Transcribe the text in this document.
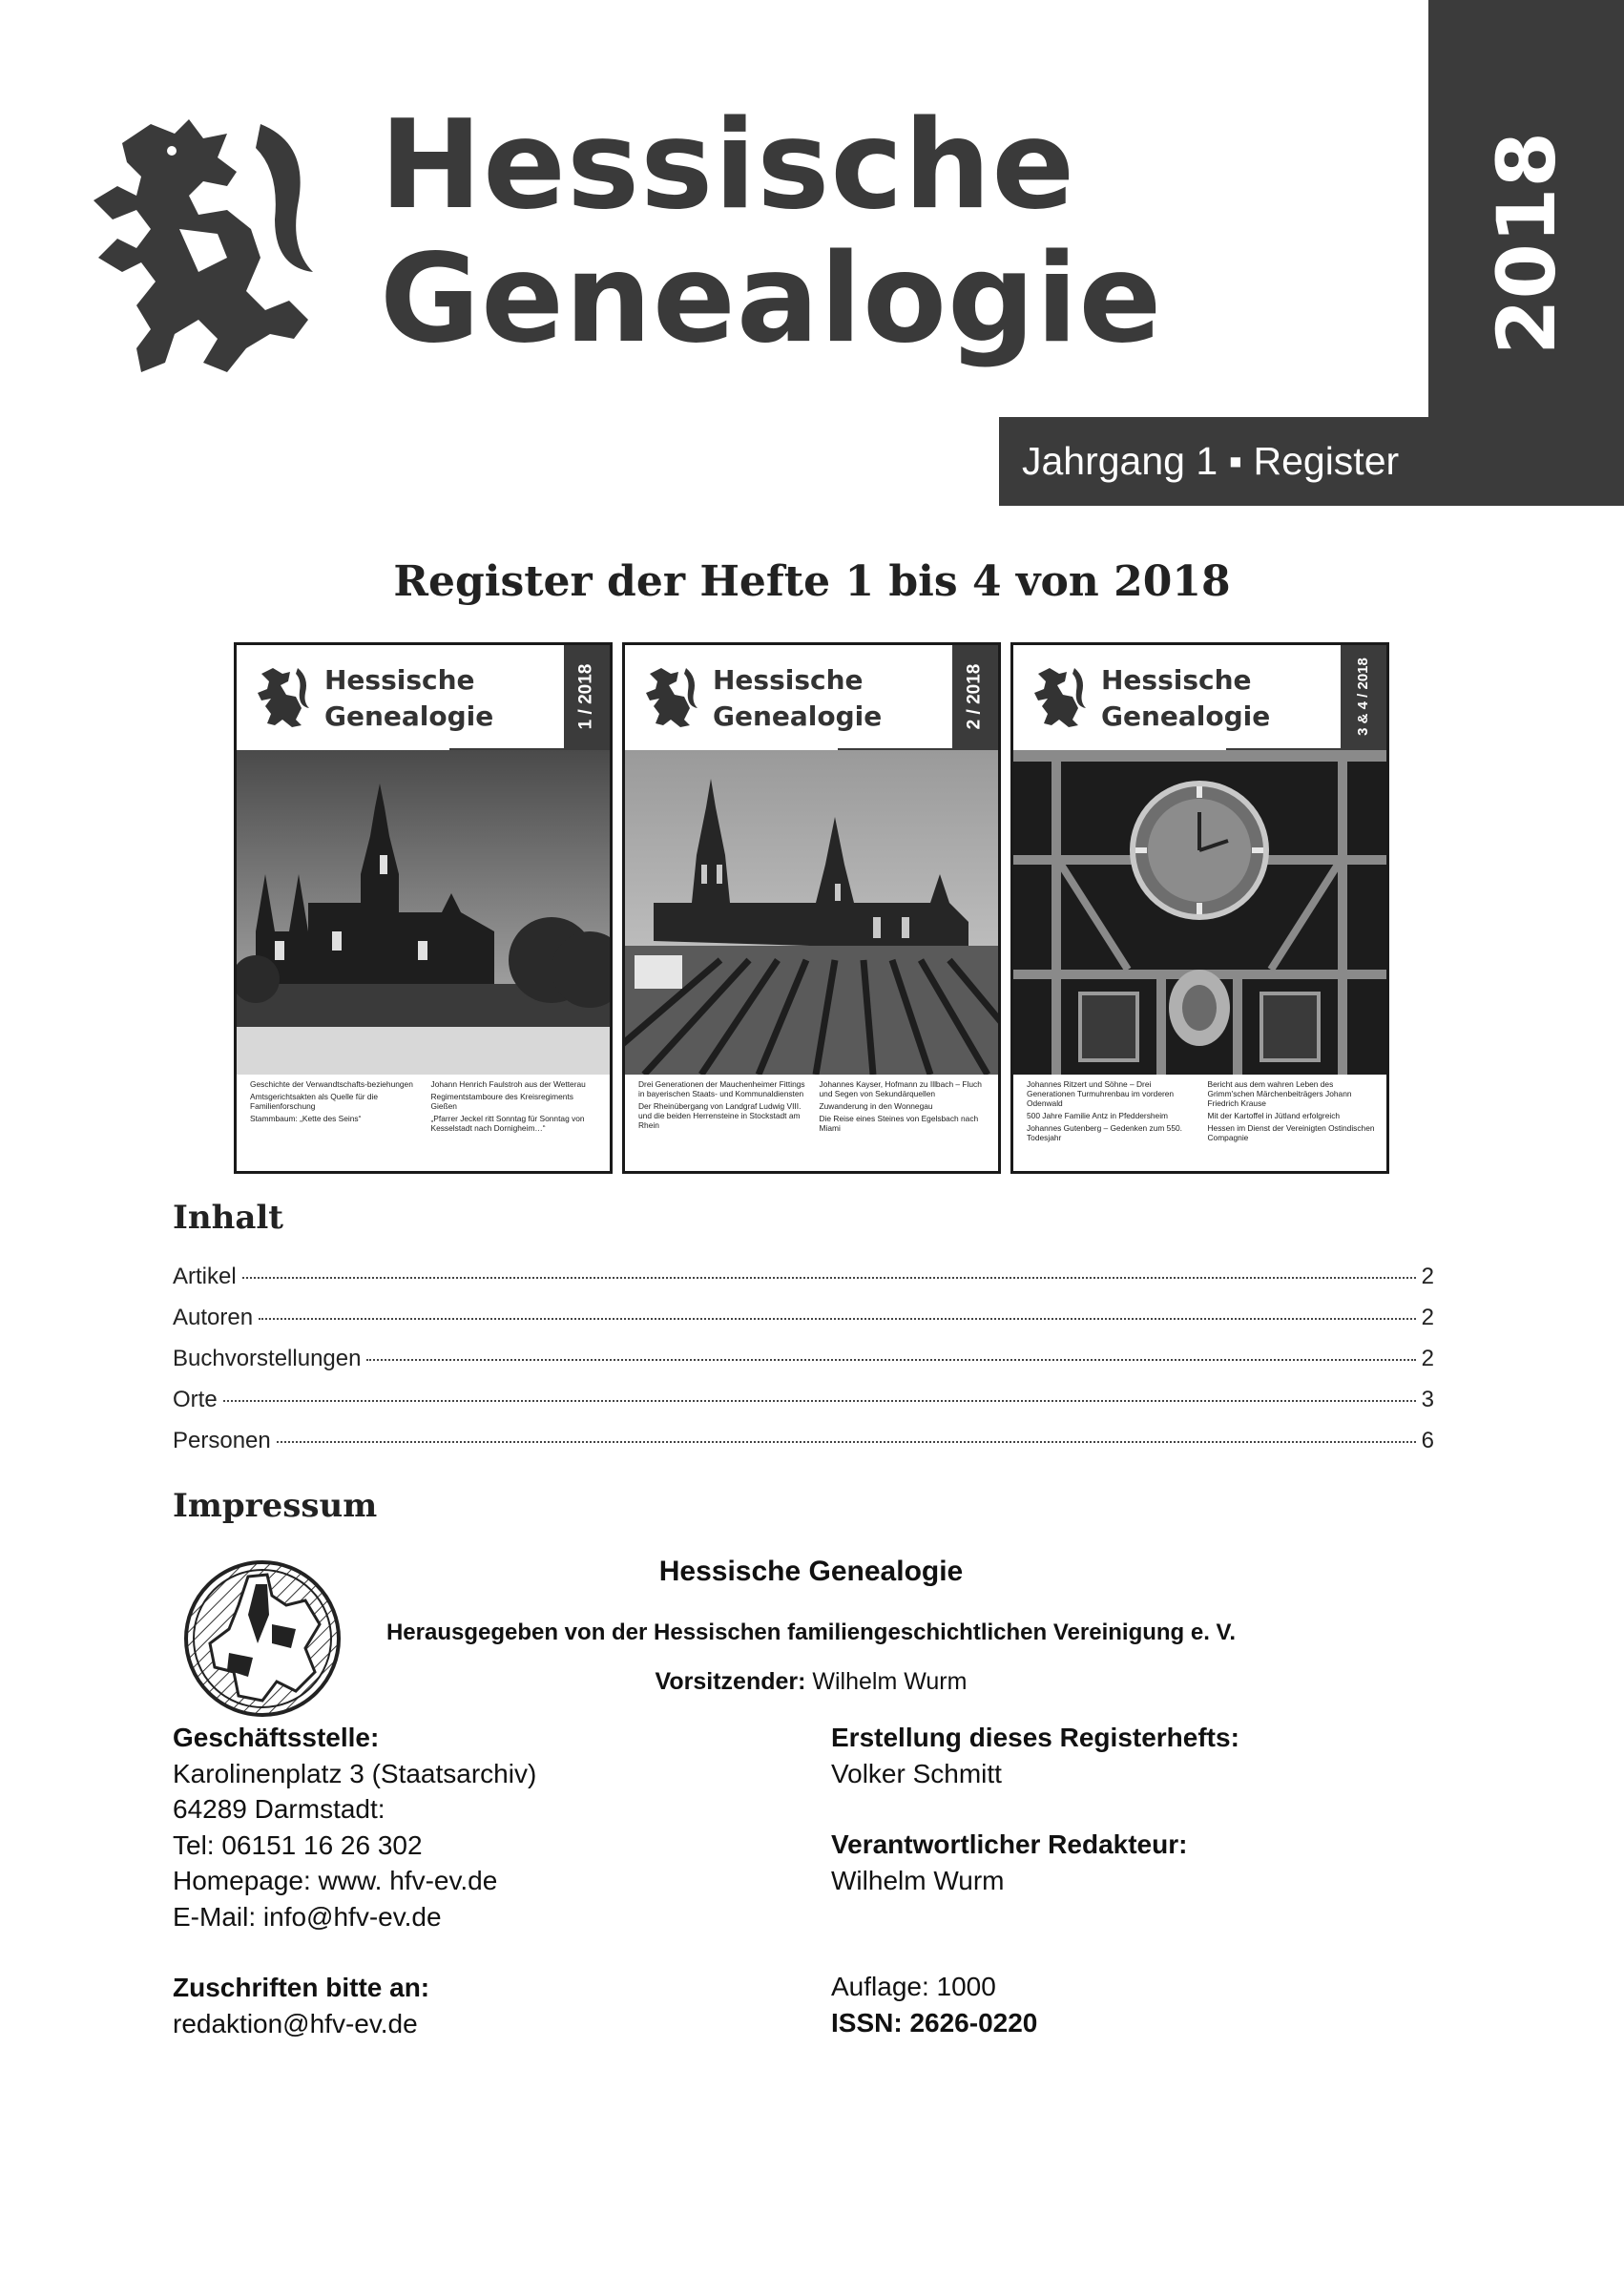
Hessische
Genealogie	2018
Jahrgang 1 ▪ Register
Register der Hefte 1 bis 4 von 2018
Hessische
Genealogie	1 / 2018

Geschichte der Verwandtschafts-beziehungen

Amtsgerichtsakten als Quelle für die Familienforschung

Stammbaum: „Kette des Seins“

Johann Henrich Faulstroh aus der Wetterau

Regimentstamboure des Kreisregiments Gießen

„Pfarrer Jeckel ritt Sonntag für Sonntag von Kesselstadt nach Dornigheim…“

Hessische
Genealogie	2 / 2018

Drei Generationen der Mauchenheimer Fittings in bayerischen Staats- und Kommunaldiensten

Der Rheinübergang von Landgraf Ludwig VIII. und die beiden Herrensteine in Stockstadt am Rhein

Johannes Kayser, Hofmann zu Illbach – Fluch und Segen von Sekundärquellen

Zuwanderung in den Wonnegau

Die Reise eines Steines von Egelsbach nach Miami

Hessische
Genealogie	3 & 4 / 2018

Johannes Ritzert und Söhne – Drei Generationen Turmuhrenbau im vorderen Odenwald

500 Jahre Familie Antz in Pfeddersheim

Johannes Gutenberg – Gedenken zum 550. Todesjahr

Bericht aus dem wahren Leben des Grimm'schen Märchenbeiträgers Johann Friedrich Krause

Mit der Kartoffel in Jütland erfolgreich

Hessen im Dienst der Vereinigten Ostindischen Compagnie

Inhalt
Artikel	2
Autoren	2
Buchvorstellungen	2
Orte	3
Personen	6
Impressum
Hessische Genealogie
Herausgegeben von der Hessischen familiengeschichtlichen Vereinigung e. V.
Vorsitzender: Wilhelm Wurm
Geschäftsstelle:
Karolinenplatz 3 (Staatsarchiv)
64289 Darmstadt:
Tel: 06151 16 26 302
Homepage: www. hfv-ev.de
E-Mail: info@hfv-ev.de
Zuschriften bitte an:
redaktion@hfv-ev.de
Erstellung dieses Registerhefts:
Volker Schmitt
Verantwortlicher Redakteur:
Wilhelm Wurm
Auflage: 1000
ISSN: 2626-0220
